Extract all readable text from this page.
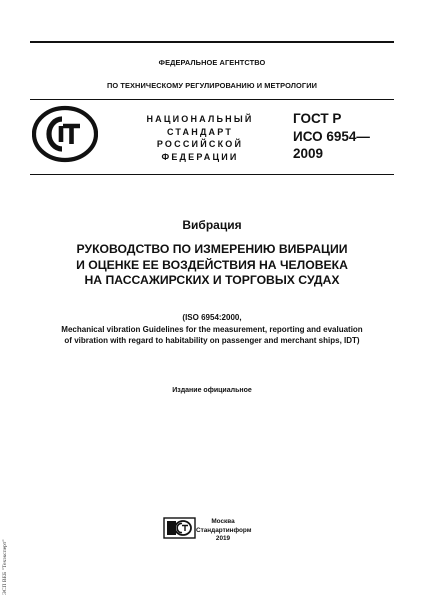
ФЕДЕРАЛЬНОЕ АГЕНТСТВО
ПО ТЕХНИЧЕСКОМУ РЕГУЛИРОВАНИЮ И МЕТРОЛОГИИ
НАЦИОНАЛЬНЫЙ
СТАНДАРТ
РОССИЙСКОЙ
ФЕДЕРАЦИИ
ГОСТ Р
ИСО 6954—
2009
Вибрация
РУКОВОДСТВО ПО ИЗМЕРЕНИЮ ВИБРАЦИИ
И ОЦЕНКЕ ЕЕ ВОЗДЕЙСТВИЯ НА ЧЕЛОВЕКА
НА ПАССАЖИРСКИХ И ТОРГОВЫХ СУДАХ
(ISO 6954:2000,
Mechanical vibration Guidelines for the measurement, reporting and evaluation
of vibration with regard to habitability on passenger and merchant ships, IDT)
Издание официальное
Москва
Стандартинформ
2019
ЭСП ВЕБ "Техэксперт"
